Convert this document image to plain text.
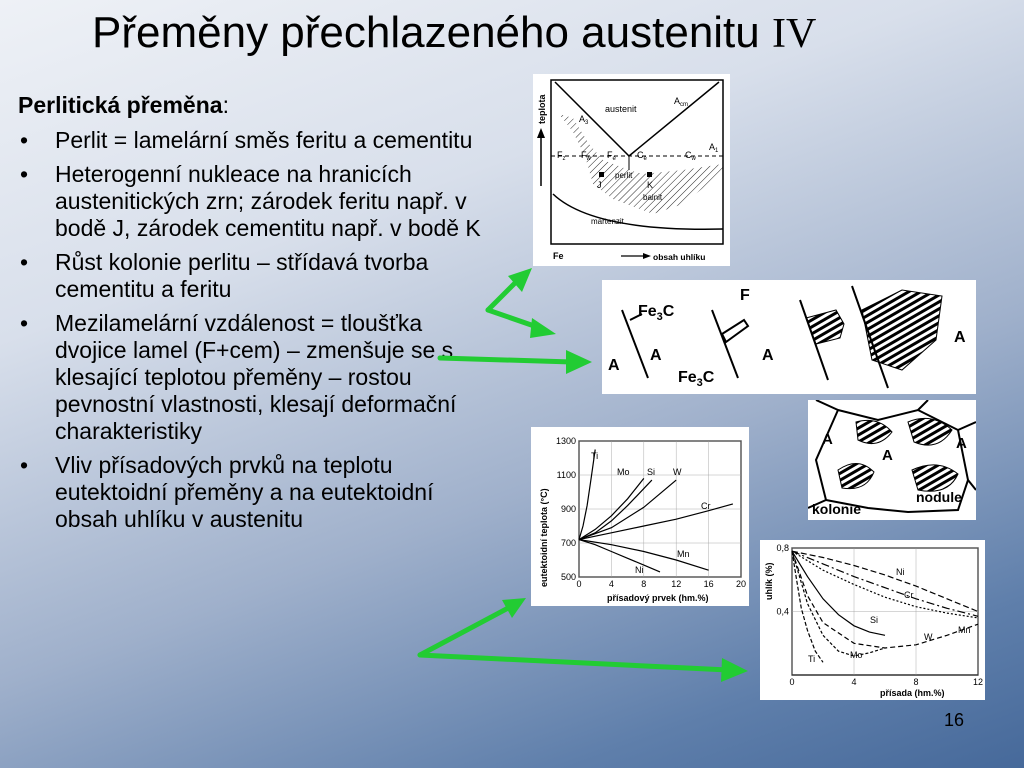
Přeměny přechlazeného austenitu IV
Perlitická přeměna:
• Perlit = lamelární směs feritu a cementitu
• Heterogenní nukleace na hranicích austenitických zrn; zárodek feritu např. v bodě J, zárodek cementitu např. v bodě K
• Růst kolonie perlitu – střídavá tvorba cementitu a feritu
• Mezilamelární vzdálenost = tloušťka dvojice lamel (F+cem) – zmenšuje se s klesající teplotou přeměny – rostou pevnostní vlastnosti, klesají deformační charakteristiky
• Vliv přísadových prvků na teplotu eutektoidní přeměny a na eutektoidní obsah uhlíku v austenitu
teplota	austenit
$A_{cm}$
$A_3$
$A_1$
$F_z$ $F_w$ $F_e$ $C_e$	$C_w$
perlit
J	K
bainit
martenzit
Fe	obsah uhlíku
$Fe_3C$
A
A
F
$Fe_3C$
A
A
A
A
A
kolonie
nodule
eutektoidní teplota (°C)
přísadový prvek (hm.%)
0	4	8	12 16 20
1300
1100
900
700
500
Ti
Mo Si W
Cr
Mn
Ni	uhlík (%)
přísada (hm.%)
0	4	8	12
0,8
0,4
Ni
Cr
Mn
Si
W
Mo
Ti
16
